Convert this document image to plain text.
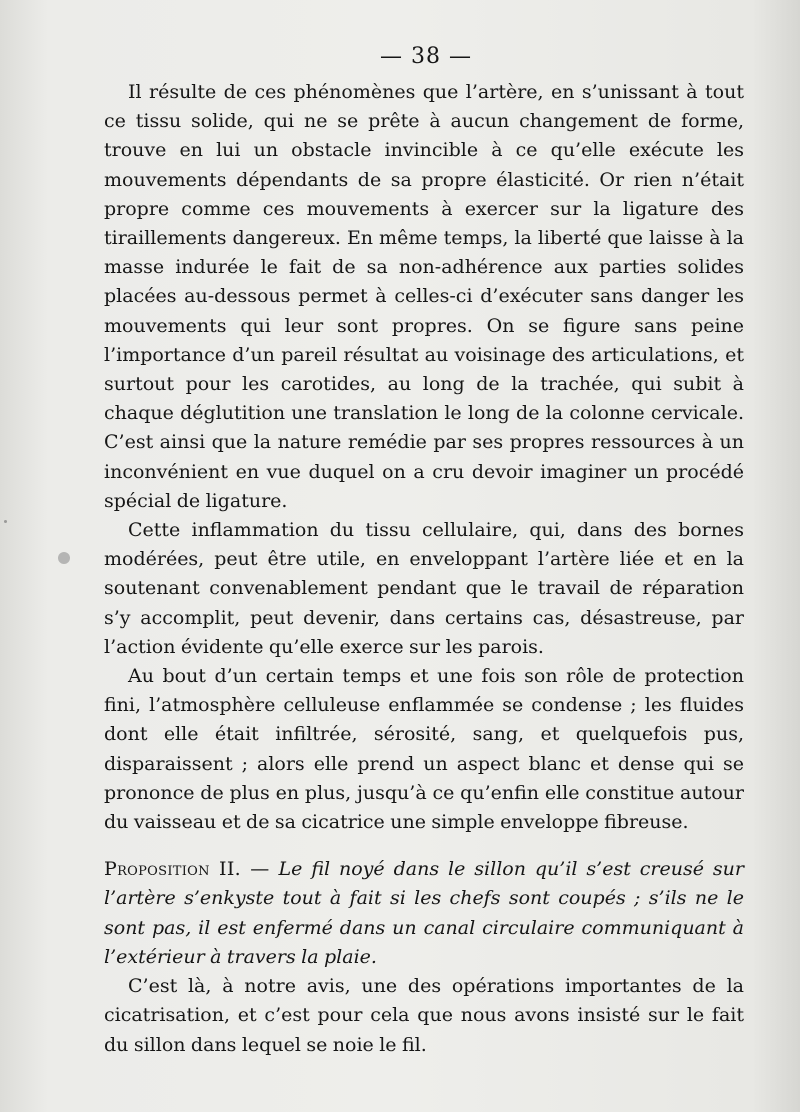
— 38 —

Il résulte de ces phénomènes que l’artère, en s’unissant à tout ce tissu solide, qui ne se prête à aucun changement de forme, trouve en lui un obstacle invincible à ce qu’elle exécute les mouvements dépendants de sa propre élasticité. Or rien n’était propre comme ces mouvements à exercer sur la ligature des tiraillements dangereux. En même temps, la liberté que laisse à la masse indurée le fait de sa non-adhérence aux parties solides placées au-dessous permet à celles-ci d’exécuter sans danger les mouvements qui leur sont propres. On se figure sans peine l’importance d’un pareil résultat au voisinage des articulations, et surtout pour les carotides, au long de la trachée, qui subit à chaque déglutition une translation le long de la colonne cervicale. C’est ainsi que la nature remédie par ses propres ressources à un inconvénient en vue duquel on a cru devoir imaginer un procédé spécial de ligature.

Cette inflammation du tissu cellulaire, qui, dans des bornes modérées, peut être utile, en enveloppant l’artère liée et en la soutenant convenablement pendant que le travail de réparation s’y accomplit, peut devenir, dans certains cas, désastreuse, par l’action évidente qu’elle exerce sur les parois.

Au bout d’un certain temps et une fois son rôle de protection fini, l’atmosphère celluleuse enflammée se condense ; les fluides dont elle était infiltrée, sérosité, sang, et quelquefois pus, disparaissent ; alors elle prend un aspect blanc et dense qui se prononce de plus en plus, jusqu’à ce qu’enfin elle constitue autour du vaisseau et de sa cicatrice une simple enveloppe fibreuse.

Proposition II. — Le fil noyé dans le sillon qu’il s’est creusé sur l’artère s’enkyste tout à fait si les chefs sont coupés ; s’ils ne le sont pas, il est enfermé dans un canal circulaire communiquant à l’extérieur à travers la plaie.

C’est là, à notre avis, une des opérations importantes de la cicatrisation, et c’est pour cela que nous avons insisté sur le fait du sillon dans lequel se noie le fil.
